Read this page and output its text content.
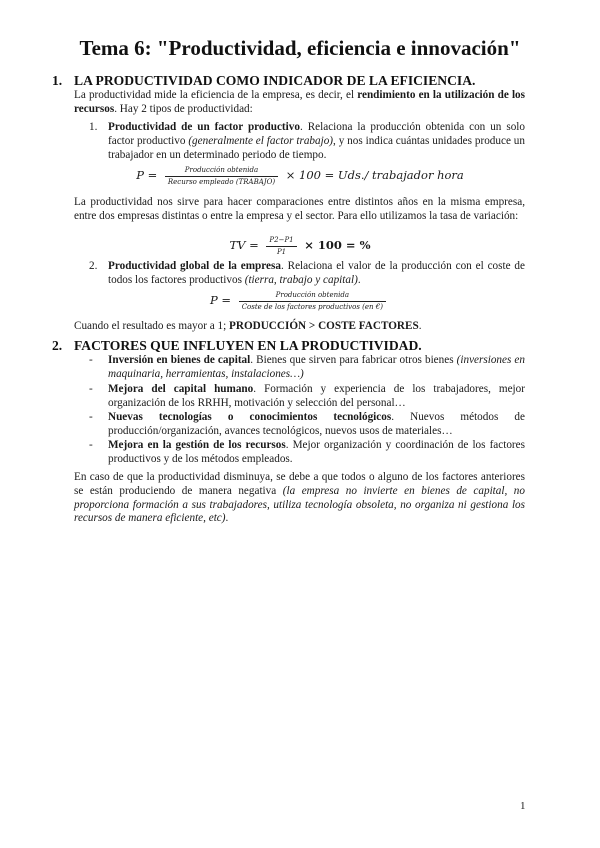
Tema 6: "Productividad, eficiencia e innovación"
1. LA PRODUCTIVIDAD COMO INDICADOR DE LA EFICIENCIA.
La productividad mide la eficiencia de la empresa, es decir, el rendimiento en la utilización de los recursos. Hay 2 tipos de productividad:
1. Productividad de un factor productivo. Relaciona la producción obtenida con un solo factor productivo (generalmente el factor trabajo), y nos indica cuántas unidades produce un trabajador en un determinado periodo de tiempo.
$P = \frac{\text{Producción obtenida}}{\text{Recurso empleado (TRABAJO)}} \times 100 = Uds./$ trabajador hora
La productividad nos sirve para hacer comparaciones entre distintos años en la misma empresa, entre dos empresas distintas o entre la empresa y el sector. Para ello utilizamos la tasa de variación:
TV = $\frac{P2-P1}{P1} \times 100$ = %
2. Productividad global de la empresa. Relaciona el valor de la producción con el coste de todos los factores productivos (tierra, trabajo y capital).
$P = \frac{\text{Producción obtenida}}{\text{Coste de los factores productivos (en €)}}$
Cuando el resultado es mayor a 1; PRODUCCIÓN > COSTE FACTORES.
2. FACTORES QUE INFLUYEN EN LA PRODUCTIVIDAD.
- Inversión en bienes de capital. Bienes que sirven para fabricar otros bienes (inversiones en maquinaria, herramientas, instalaciones…)
- Mejora del capital humano. Formación y experiencia de los trabajadores, mejor organización de los RRHH, motivación y selección del personal…
- Nuevas tecnologías o conocimientos tecnológicos. Nuevos métodos de producción/organización, avances tecnológicos, nuevos usos de materiales…
- Mejora en la gestión de los recursos. Mejor organización y coordinación de los factores productivos y de los métodos empleados.
En caso de que la productividad disminuya, se debe a que todos o alguno de los factores anteriores se están produciendo de manera negativa (la empresa no invierte en bienes de capital, no proporciona formación a sus trabajadores, utiliza tecnología obsoleta, no organiza ni gestiona los recursos de manera eficiente, etc).
1
